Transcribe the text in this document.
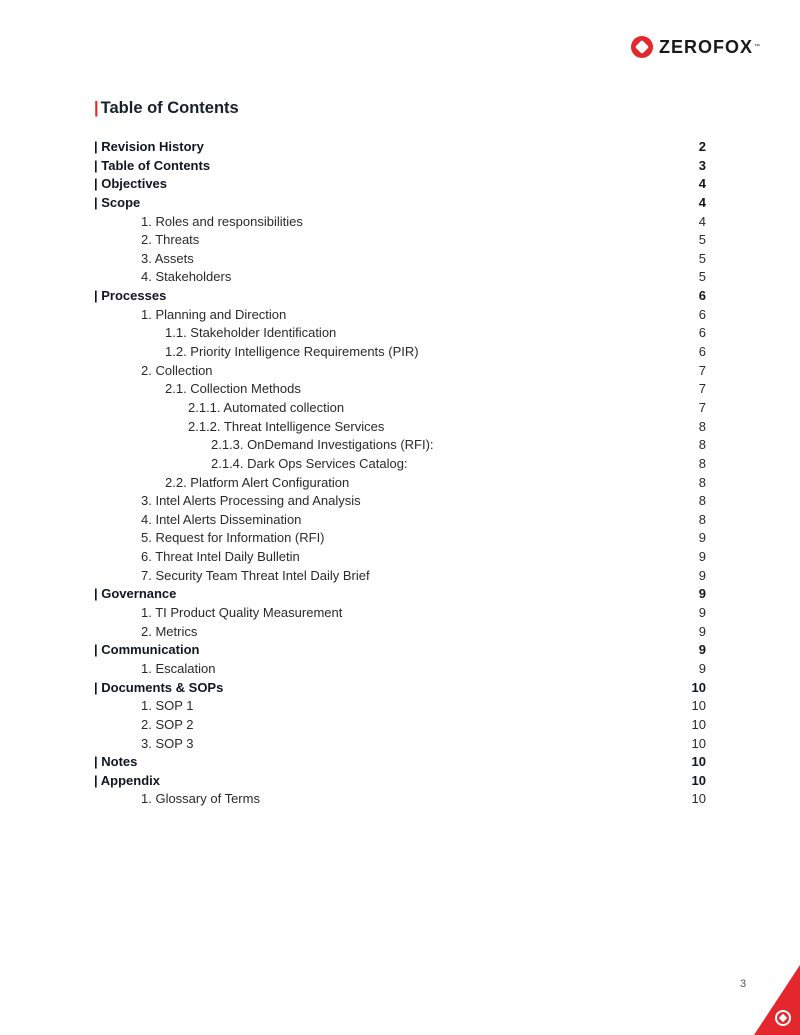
ZEROFOX ™
| Table of Contents
| Revision History	2
| Table of Contents	3
| Objectives	4
| Scope	4
1. Roles and responsibilities	4
2. Threats	5
3. Assets	5
4. Stakeholders	5
| Processes	6
1. Planning and Direction	6
1.1. Stakeholder Identification	6
1.2. Priority Intelligence Requirements (PIR)	6
2. Collection	7
2.1. Collection Methods	7
2.1.1. Automated collection	7
2.1.2. Threat Intelligence Services	8
2.1.3. OnDemand Investigations (RFI):	8
2.1.4. Dark Ops Services Catalog:	8
2.2. Platform Alert Configuration	8
3. Intel Alerts Processing and Analysis	8
4. Intel Alerts Dissemination	8
5. Request for Information (RFI)	9
6. Threat Intel Daily Bulletin	9
7. Security Team Threat Intel Daily Brief	9
| Governance	9
1. TI Product Quality Measurement	9
2. Metrics	9
| Communication	9
1. Escalation	9
| Documents & SOPs	10
1. SOP 1	10
2. SOP 2	10
3. SOP 3	10
| Notes	10
| Appendix	10
1. Glossary of Terms	10
3
